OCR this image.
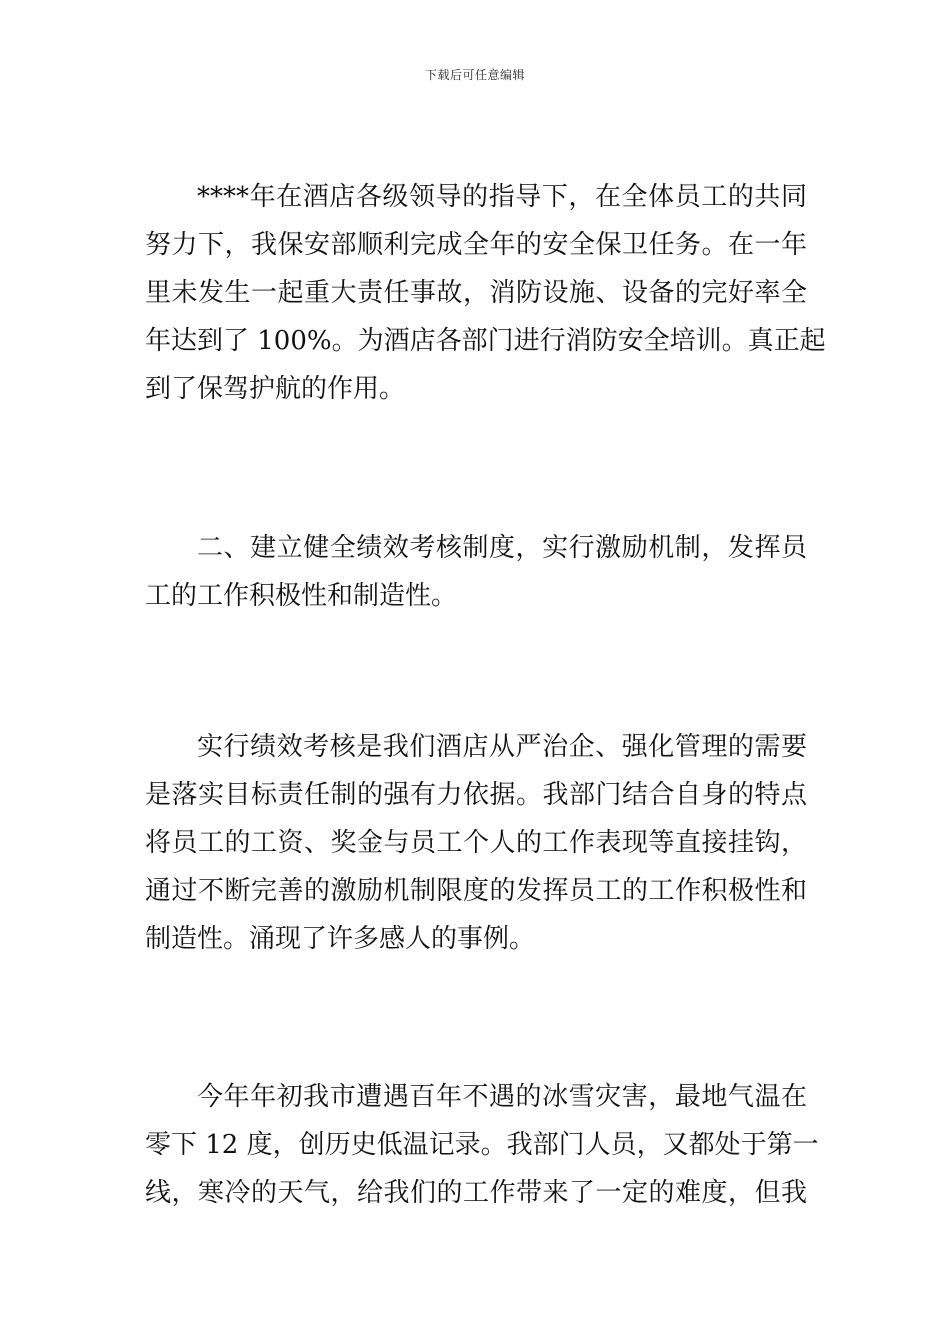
下载后可任意编辑
****年在酒店各级领导的指导下，在全体员工的共同
努力下，我保安部顺利完成全年的安全保卫任务。在一年
里未发生一起重大责任事故，消防设施、设备的完好率全
年达到了 100%。为酒店各部门进行消防安全培训。真正起
到了保驾护航的作用。
二、建立健全绩效考核制度，实行激励机制，发挥员
工的工作积极性和制造性。
实行绩效考核是我们酒店从严治企、强化管理的需要
是落实目标责任制的强有力依据。我部门结合自身的特点
将员工的工资、奖金与员工个人的工作表现等直接挂钩，
通过不断完善的激励机制限度的发挥员工的工作积极性和
制造性。涌现了许多感人的事例。
今年年初我市遭遇百年不遇的冰雪灾害，最地气温在
零下 12 度，创历史低温记录。我部门人员，又都处于第一
线，寒冷的天气，给我们的工作带来了一定的难度，但我
